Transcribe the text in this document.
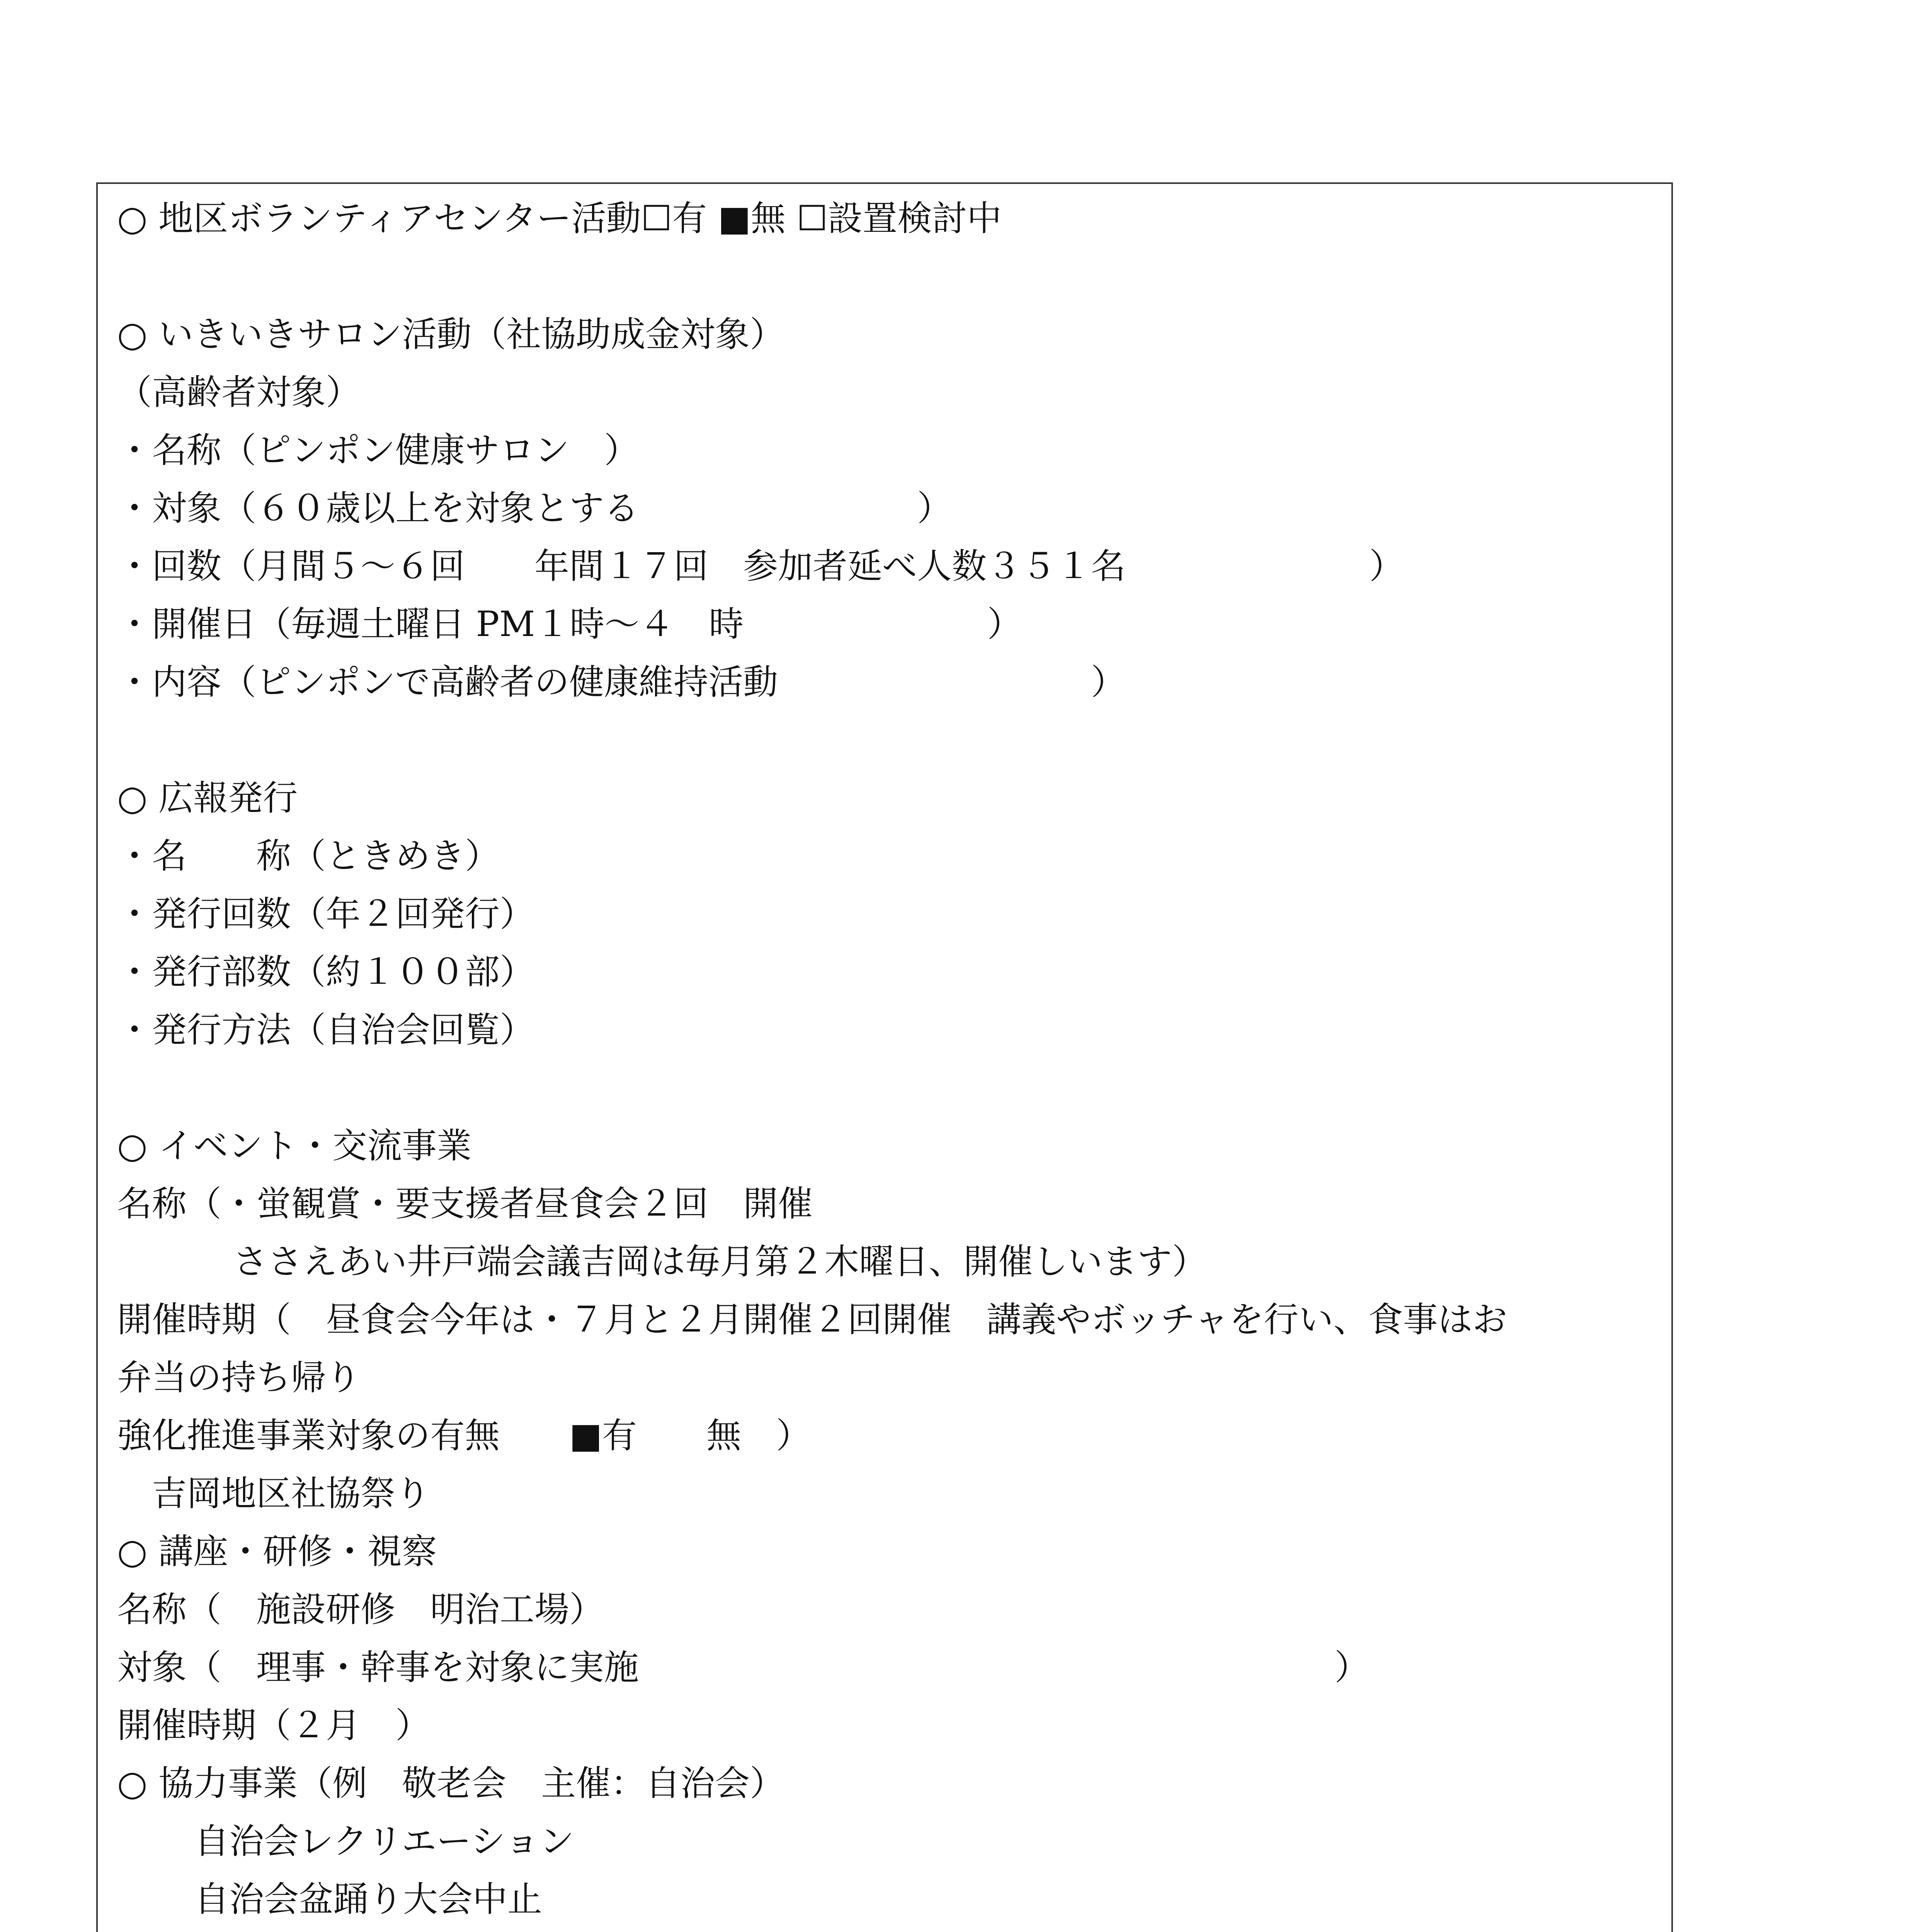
○ 地区ボランティアセンター活動☐有 ■無 ☐設置検討中
○ いきいきサロン活動（社協助成金対象）
（高齢者対象）
・名称（ピンポン健康サロン　）
・対象（６０歳以上を対象とする　　　　　　　　）
・回数（月間５～６回　　年間１７回　参加者延べ人数３５１名　　　　　　　）
・開催日（毎週土曜日 PM１時～４　時　　　　　　　）
・内容（ピンポンで高齢者の健康維持活動　　　　　　　　　）
○ 広報発行
・名　　称（ときめき）
・発行回数（年２回発行）
・発行部数（約１００部）
・発行方法（自治会回覧）
○ イベント・交流事業
名称（・蛍観賞・要支援者昼食会２回　開催
ささえあい井戸端会議吉岡は毎月第２木曜日、開催しいます）
開催時期（　昼食会今年は・７月と２月開催２回開催　講義やボッチャを行い、食事はお
弁当の持ち帰り
強化推進事業対象の有無　　■有　　無　）
吉岡地区社協祭り
○ 講座・研修・視察
名称（　施設研修　明治工場）
対象（　理事・幹事を対象に実施　　　　　　　　　　　　　　　　　　　　）
開催時期（２月　）
○ 協力事業（例　敬老会　主催：自治会）
自治会レクリエーション
自治会盆踊り大会中止
